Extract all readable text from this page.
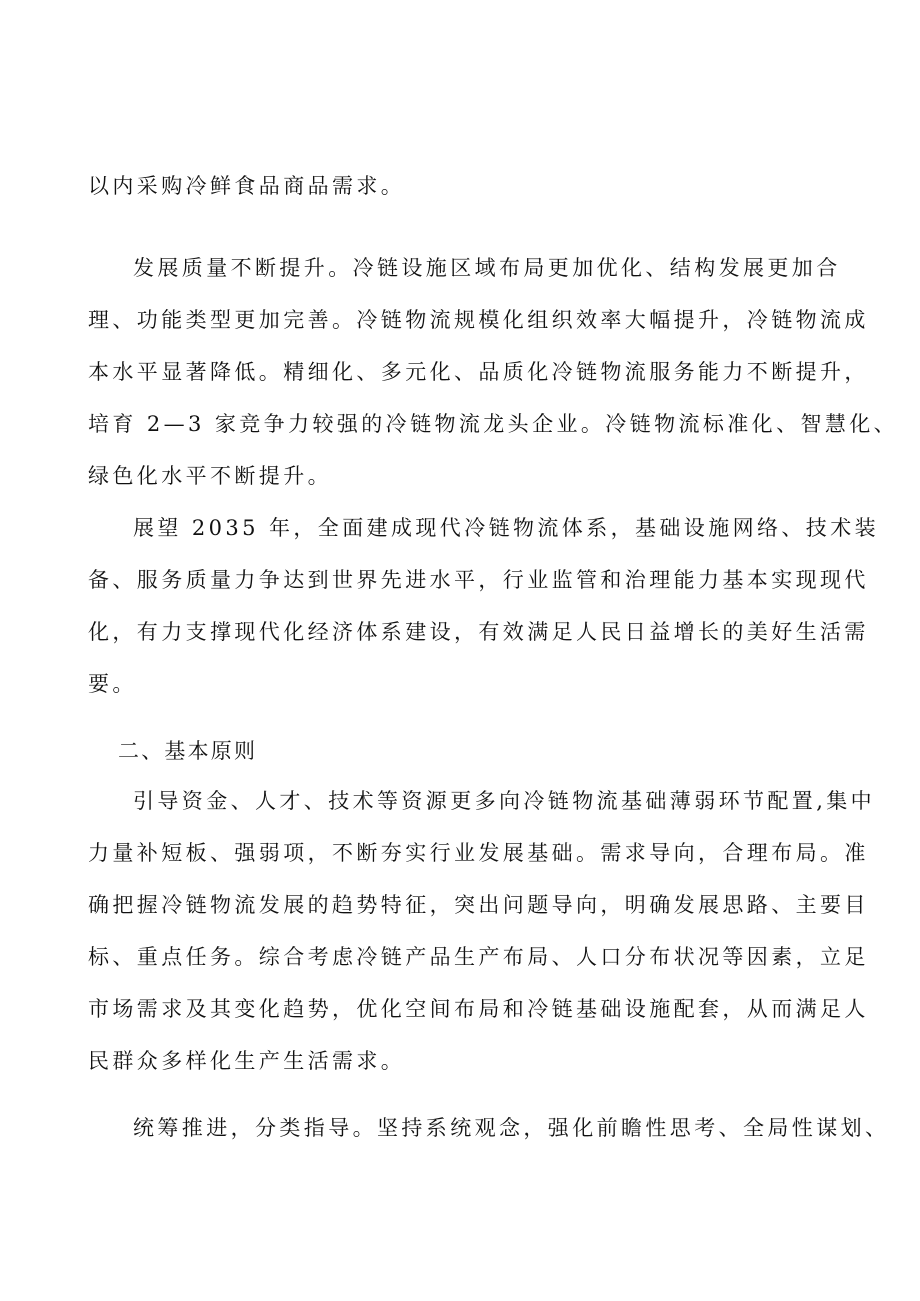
以内采购冷鲜食品商品需求。
发展质量不断提升。冷链设施区域布局更加优化、结构发展更加合
理、功能类型更加完善。冷链物流规模化组织效率大幅提升，冷链物流成
本水平显著降低。精细化、多元化、品质化冷链物流服务能力不断提升，
培育 2—3 家竞争力较强的冷链物流龙头企业。冷链物流标准化、智慧化、
绿色化水平不断提升。
展望 2035 年，全面建成现代冷链物流体系，基础设施网络、技术装
备、服务质量力争达到世界先进水平，行业监管和治理能力基本实现现代
化，有力支撑现代化经济体系建设，有效满足人民日益增长的美好生活需
要。
二、基本原则
引导资金、人才、技术等资源更多向冷链物流基础薄弱环节配置,集中
力量补短板、强弱项，不断夯实行业发展基础。需求导向，合理布局。准
确把握冷链物流发展的趋势特征，突出问题导向，明确发展思路、主要目
标、重点任务。综合考虑冷链产品生产布局、人口分布状况等因素，立足
市场需求及其变化趋势，优化空间布局和冷链基础设施配套，从而满足人
民群众多样化生产生活需求。
统筹推进，分类指导。坚持系统观念，强化前瞻性思考、全局性谋划、
